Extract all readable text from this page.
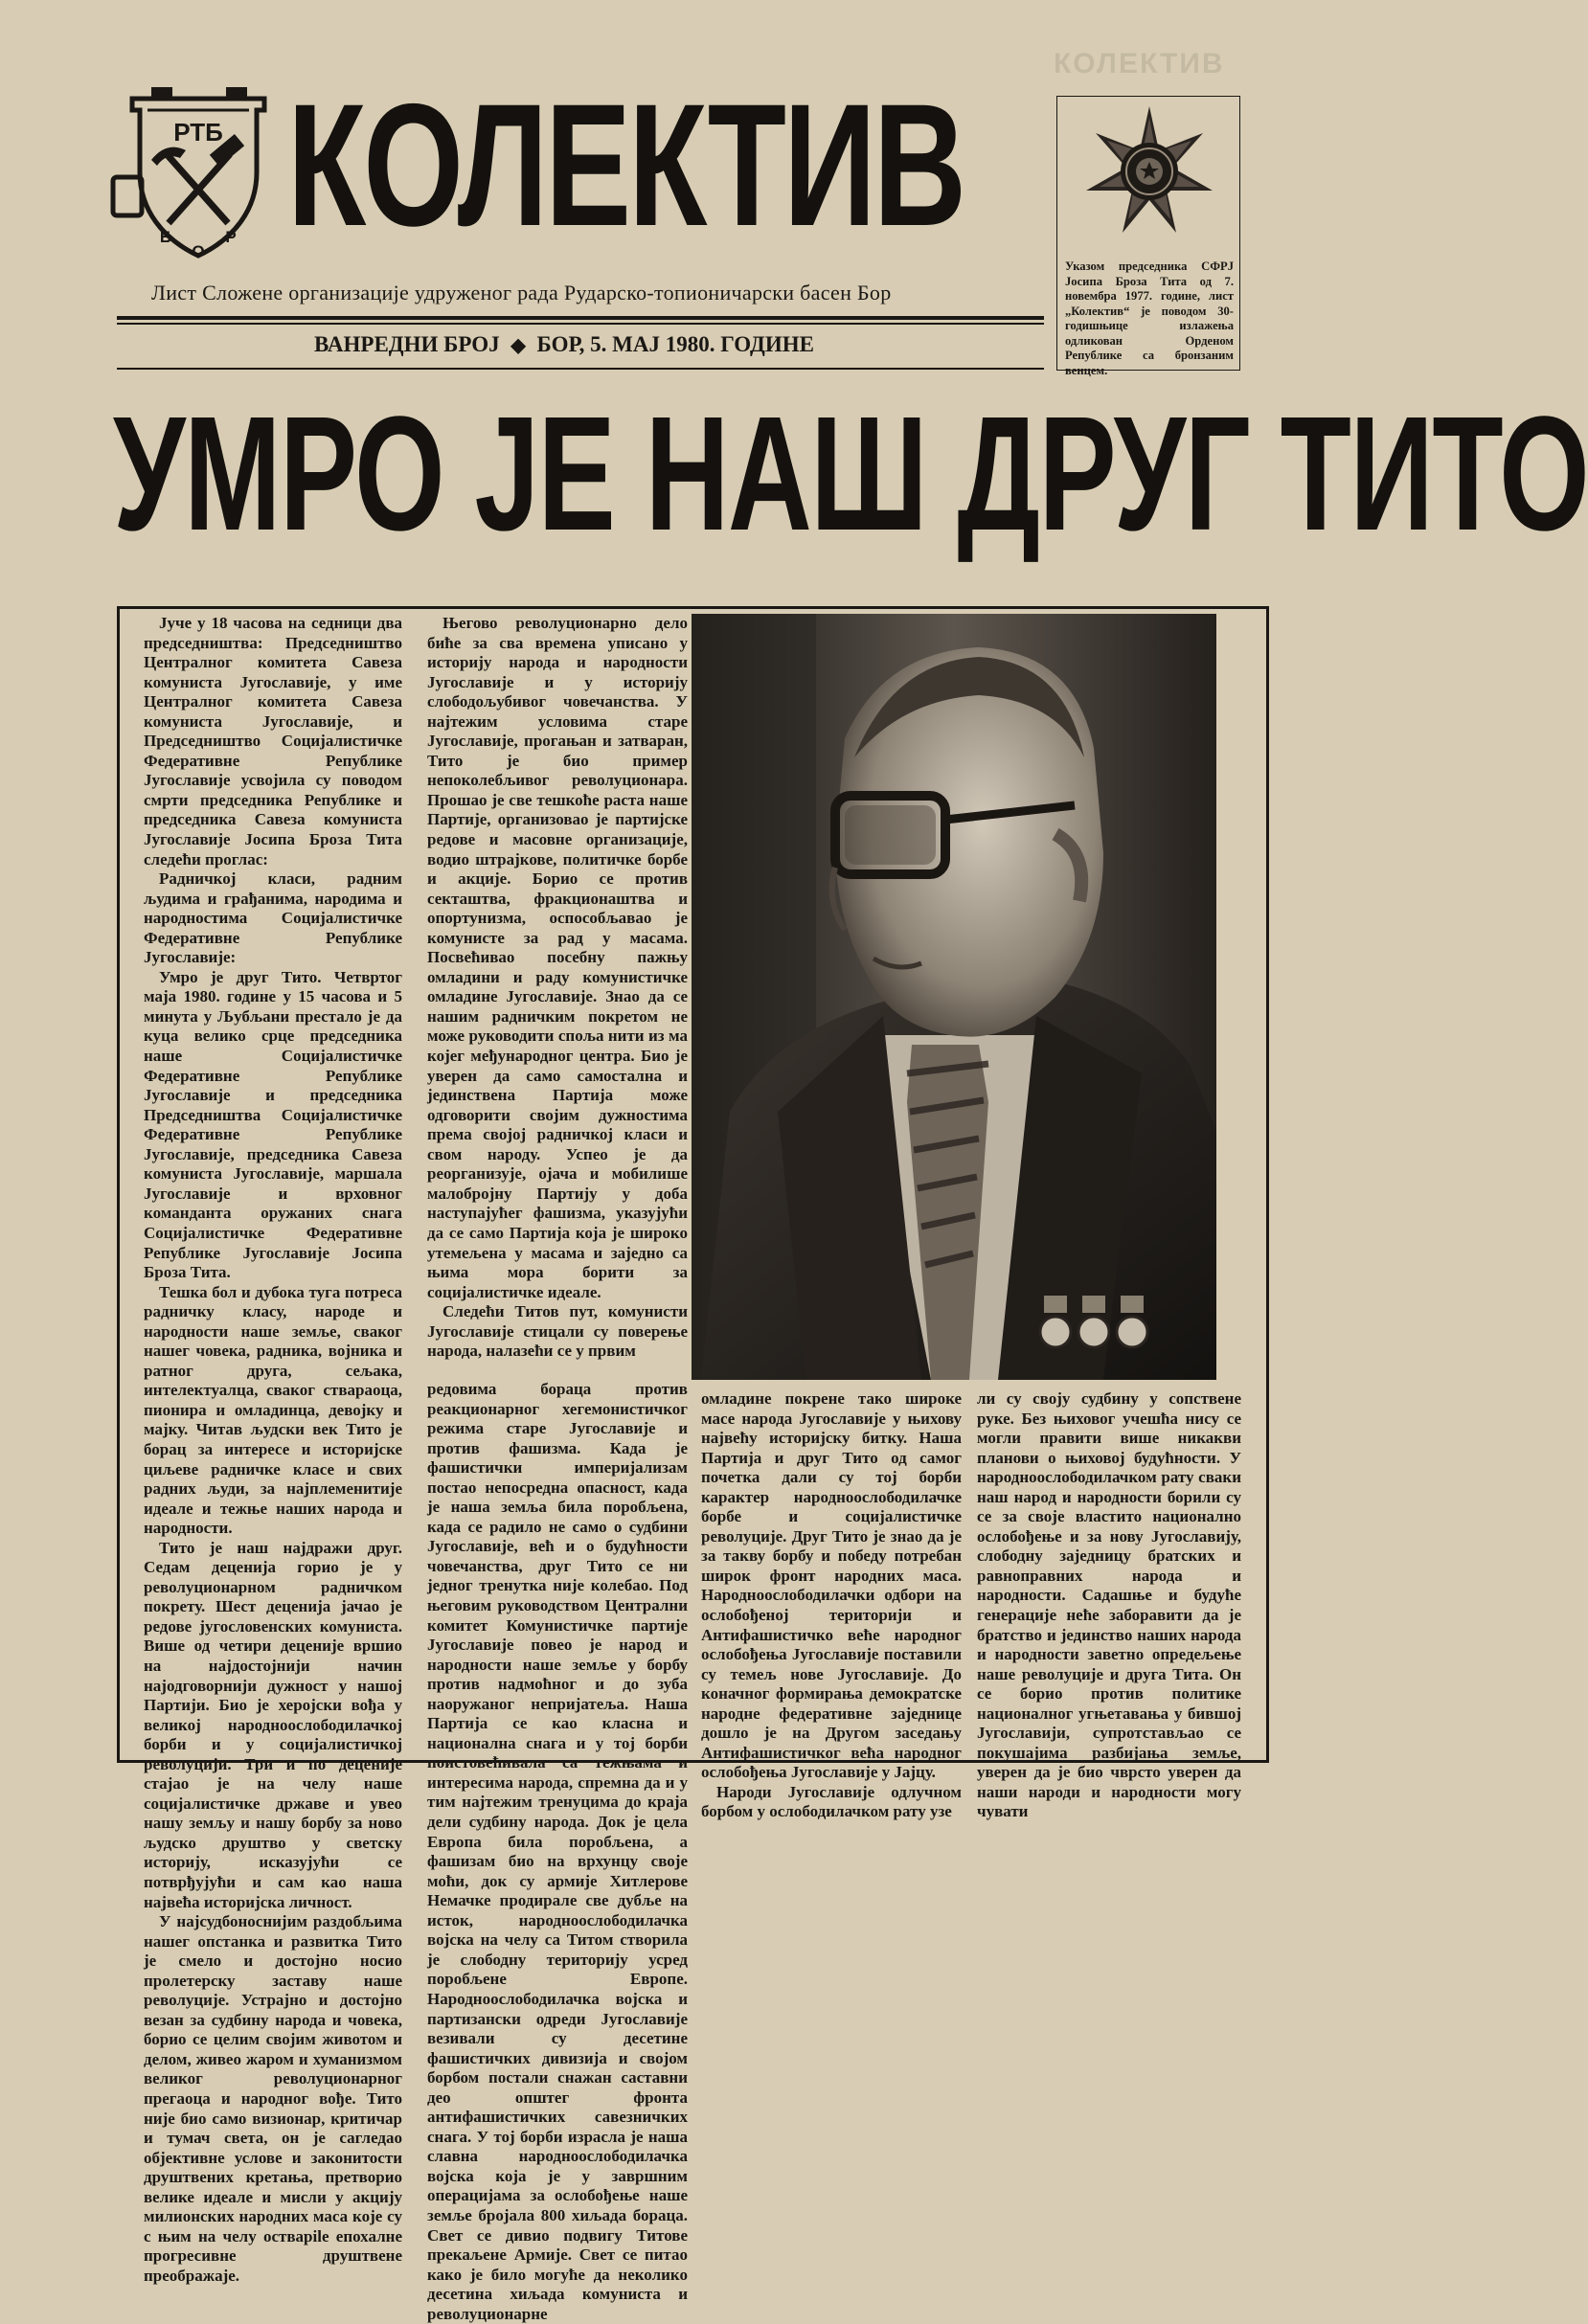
КОЛЕКТИВ
РТБ
Б
О
Р КОЛЕКТИВ
Лист Сложене организације удруженог рада Рударско-топионичарски басен Бор
ВАНРЕДНИ БРОЈ ◆ БОР, 5. МАЈ 1980. ГОДИНЕ
Указом председника СФРЈ Јосипа Броза Тита од 7. новембра 1977. године, лист „Колектив“ је поводом 30-годишњице излажења одликован Орденом Републике са бронзаним венцем.
УМРО ЈЕ НАШ ДРУГ ТИТО

Јуче у 18 часова на седници два председништва: Председништво Централног комитета Савеза комуниста Југославије, у име Централног комитета Савеза комуниста Југославије, и Председништво Социјалистичке Федеративне Републике Југославије усвојила су поводом смрти председника Републике и председника Савеза комуниста Југославије Јосипа Броза Тита следећи проглас:

Радничкој класи, радним људима и грађанима, народима и народностима Социјалистичке Федеративне Републике Југославије:

Умро је друг Тито. Четвртог маја 1980. године у 15 часова и 5 минута у Љубљани престало је да куца велико срце председника наше Социјалистичке Федеративне Републике Југославије и председника Председништва Социјалистичке Федеративне Републике Југославије, председника Савеза комуниста Југославије, маршала Југославије и врховног команданта оружаних снага Социјалистичке Федеративне Републике Југославије Јосипа Броза Тита.

Тешка бол и дубока туга потреса радничку класу, народе и народности наше земље, сваког нашег човека, радника, војника и ратног друга, сељака, интелектуалца, сваког ствараоца, пионира и омладинца, девојку и мајку. Читав људски век Тито је борац за интересе и историјске циљеве радничке класе и свих радних људи, за најплеменитије идеале и тежње наших народа и народности.

Тито је наш најдражи друг. Седам деценија горио је у револуционарном радничком покрету. Шест деценија јачао је редове југословенских комуниста. Више од четири деценије вршио на најдостојнији начин најодговорнији дужност у нашој Партији. Био је херојски вођа у великој народноослободилачкој борби и у социјалистичкој револуцији. Три и по деценије стајао је на челу наше социјалистичке државе и увео нашу земљу и нашу борбу за ново људско друштво у светску историју, исказујући се потврђујући и сам као наша највећа историјска личност.

У најсудбоноснијим раздобљима нашег опстанка и развитка Тито је смело и достојно носио пролетерску заставу наше револуције. Устрајно и достојно везан за судбину народа и човека, борио се целим својим животом и делом, живео жаром и хуманизмом великог револуционарног прегаоца и народног вође. Тито није био само визионар, критичар и тумач света, он је сагледао објективне услове и законитости друштвених кретања, претворио велике идеале и мисли у акцију милионских народних маса које су с њим на челу остварile епохалне прогресивне друштвене преображаје.

Његово револуционарно дело биће за сва времена уписано у историју народа и народности Југославије и у историју слободољубивог човечанства. У најтежим условима старе Југославије, прогањан и затваран, Тито је био пример непоколебљивог револуционара. Прошао је све тешкоће раста наше Партије, организовао је партијске редове и масовне организације, водио штрајкове, политичке борбе и акције. Борио се против секташтва, фракционаштва и опортунизма, оспособљавао је комунисте за рад у масама. Посвећивао посебну пажњу омладини и раду комунистичке омладине Југославије. Знао да се нашим радничким покретом не може руководити споља нити из ма којег међународног центра. Био је уверен да само самостална и јединствена Партија може одговорити својим дужностима према својој радничкој класи и свом народу. Успео је да реорганизује, ојача и мобилише малобројну Партију у доба наступајућег фашизма, указујући да се само Партија која је широко утемељена у масама и заједно са њима мора борити за социјалистичке идеале.

Следећи Титов пут, комунисти Југославије стицали су поверење народа, налазећи се у првим

редовима бораца против реакционарног хегемонистичког режима старе Југославије и против фашизма. Када је фашистички империјализам постао непосредна опасност, када је наша земља била поробљена, када се радило не само о судбини Југославије, већ и о будућности човечанства, друг Тито се ни једног тренутка није колебао. Под његовим руководством Централни комитет Комунистичке партије Југославије повео је народ и народности наше земље у борбу против надмоћног и до зуба наоружаног непријатеља. Наша Партија се као класна и национална снага и у тој борби поистовећивала са тежњама и интересима народа, спремна да и у тим најтежим тренуцима до краја дели судбину народа. Док је цела Европа била поробљена, а фашизам био на врхунцу своје моћи, док су армије Хитлерове Немачке продирале све дубље на исток, народноослободилачка војска на челу са Титом створила је слободну територију усред поробљене Европе. Народноослободилачка војска и партизански одреди Југославије везивали су десетине фашистичких дивизија и својом борбом постали снажан саставни део општег фронта антифашистичких савезничких снага. У тој борби израсла је наша славна народноослободилачка војска која је у завршним операцијама за ослобођење наше земље бројала 800 хиљада бораца. Свет се дивио подвигу Титове прекаљене Армије. Свет се питао како је било могуће да неколико десетина хиљада комуниста и револуционарне

омладине покрене тако широке масе народа Југославије у њихову највећу историјску битку. Наша Партија и друг Тито од самог почетка дали су тој борби карактер народноослободилачке борбе и социјалистичке револуције. Друг Тито је знао да је за такву борбу и победу потребан широк фронт народних маса. Народноослободилачки одбори на ослобођеној територији и Антифашистичко веће народног ослобођења Југославије поставили су темељ нове Југославије. До коначног формирања демократске народне федеративне заједнице дошло је на Другом заседању Антифашистичког већа народног ослобођења Југославије у Јајцу.

Народи Југославије одлучном борбом у ослободилачком рату узе

ли су своју судбину у сопствене руке. Без њиховог учешћа нису се могли правити више никакви планови о њиховој будућности. У народноослободилачком рату сваки наш народ и народности борили су се за своје властито национално ослобођење и за нову Југославију, слободну заједницу братских и равноправних народа и народности. Садашње и будуће генерације неће заборавити да је братство и јединство наших народа и народности заветно опредељење наше револуције и друга Тита. Он се борио против политике националног угњетавања у бившој Југославији, супротстављао се покушајима разбијања земље, уверен да је био чврсто уверен да наши народи и народности могу чувати
